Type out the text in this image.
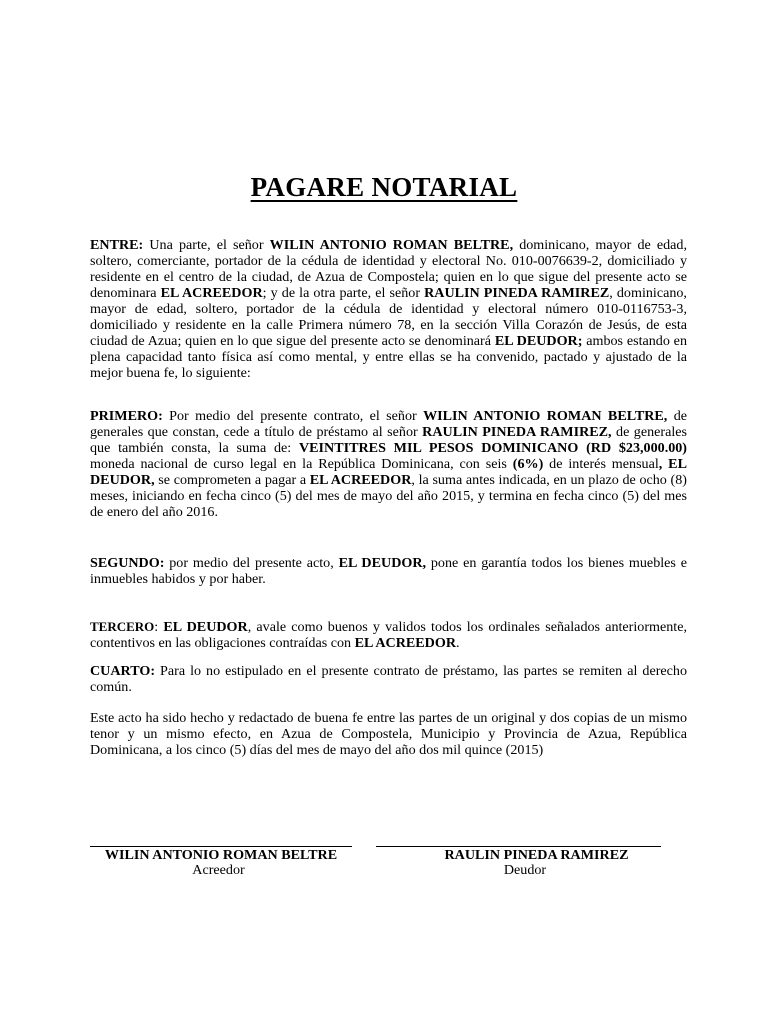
PAGARE NOTARIAL

ENTRE: Una parte, el señor WILIN ANTONIO ROMAN BELTRE, dominicano, mayor de edad, soltero, comerciante, portador de la cédula de identidad y electoral No. 010-0076639-2, domiciliado y residente en el centro de la ciudad, de Azua de Compostela; quien en lo que sigue del presente acto se denominara EL ACREEDOR; y de la otra parte, el señor RAULIN PINEDA RAMIREZ, dominicano, mayor de edad, soltero, portador de la cédula de identidad y electoral número 010-0116753-3, domiciliado y residente en la calle Primera número 78, en la sección Villa Corazón de Jesús, de esta ciudad de Azua; quien en lo que sigue del presente acto se denominará EL DEUDOR; ambos estando en plena capacidad tanto física así como mental, y entre ellas se ha convenido, pactado y ajustado de la mejor buena fe, lo siguiente:

PRIMERO: Por medio del presente contrato, el señor WILIN ANTONIO ROMAN BELTRE, de generales que constan, cede a título de préstamo al señor RAULIN PINEDA RAMIREZ, de generales que también consta, la suma de: VEINTITRES MIL PESOS DOMINICANO (RD $23,000.00) moneda nacional de curso legal en la República Dominicana, con seis (6%) de interés mensual, EL DEUDOR, se comprometen a pagar a EL ACREEDOR, la suma antes indicada, en un plazo de ocho (8) meses, iniciando en fecha cinco (5) del mes de mayo del año 2015, y termina en fecha cinco (5) del mes de enero del año 2016.

SEGUNDO: por medio del presente acto, EL DEUDOR, pone en garantía todos los bienes muebles e inmuebles habidos y por haber.

TERCERO: EL DEUDOR, avale como buenos y validos todos los ordinales señalados anteriormente, contentivos en las obligaciones contraídas con EL ACREEDOR.

CUARTO: Para lo no estipulado en el presente contrato de préstamo, las partes se remiten al derecho común.

Este acto ha sido hecho y redactado de buena fe entre las partes de un original y dos copias de un mismo tenor y un mismo efecto, en Azua de Compostela, Municipio y Provincia de Azua, República Dominicana, a los cinco (5) días del mes de mayo del año dos mil quince (2015)

WILIN ANTONIO ROMAN BELTRE
Acreedor
RAULIN PINEDA RAMIREZ
Deudor
